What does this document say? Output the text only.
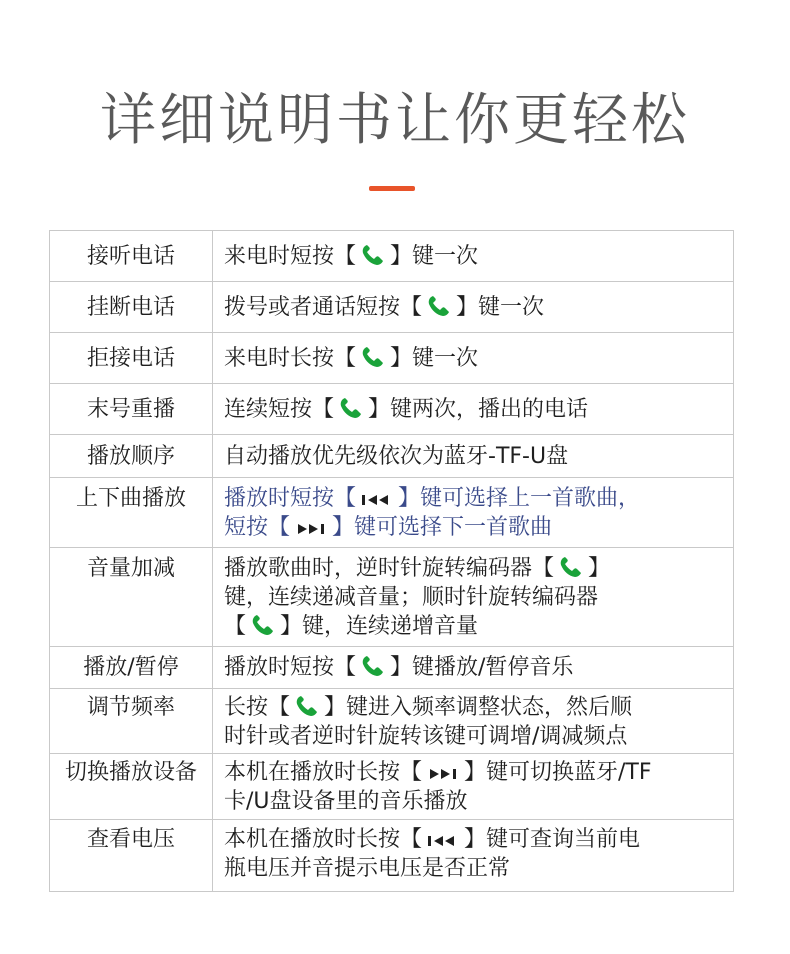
详细说明书让你更轻松
接听电话	来电时短按【 】键一次
挂断电话	拨号或者通话短按【 】键一次
拒接电话	来电时长按【 】键一次
末号重播	连续短按【 】键两次，播出的电话
播放顺序	自动播放优先级依次为蓝牙-TF-U盘
上下曲播放	播放时短按【 】键可选择上一首歌曲，
短按【 】键可选择下一首歌曲
音量加减	播放歌曲时，逆时针旋转编码器【 】
键，连续递减音量；顺时针旋转编码器
【 】键，连续递增音量
播放/暂停	播放时短按【 】键播放/暂停音乐
调节频率	长按【 】键进入频率调整状态，然后顺
时针或者逆时针旋转该键可调增/调减频点
切换播放设备	本机在播放时长按【 】键可切换蓝牙/TF
卡/U盘设备里的音乐播放
查看电压	本机在播放时长按【 】键可查询当前电
瓶电压并音提示电压是否正常
